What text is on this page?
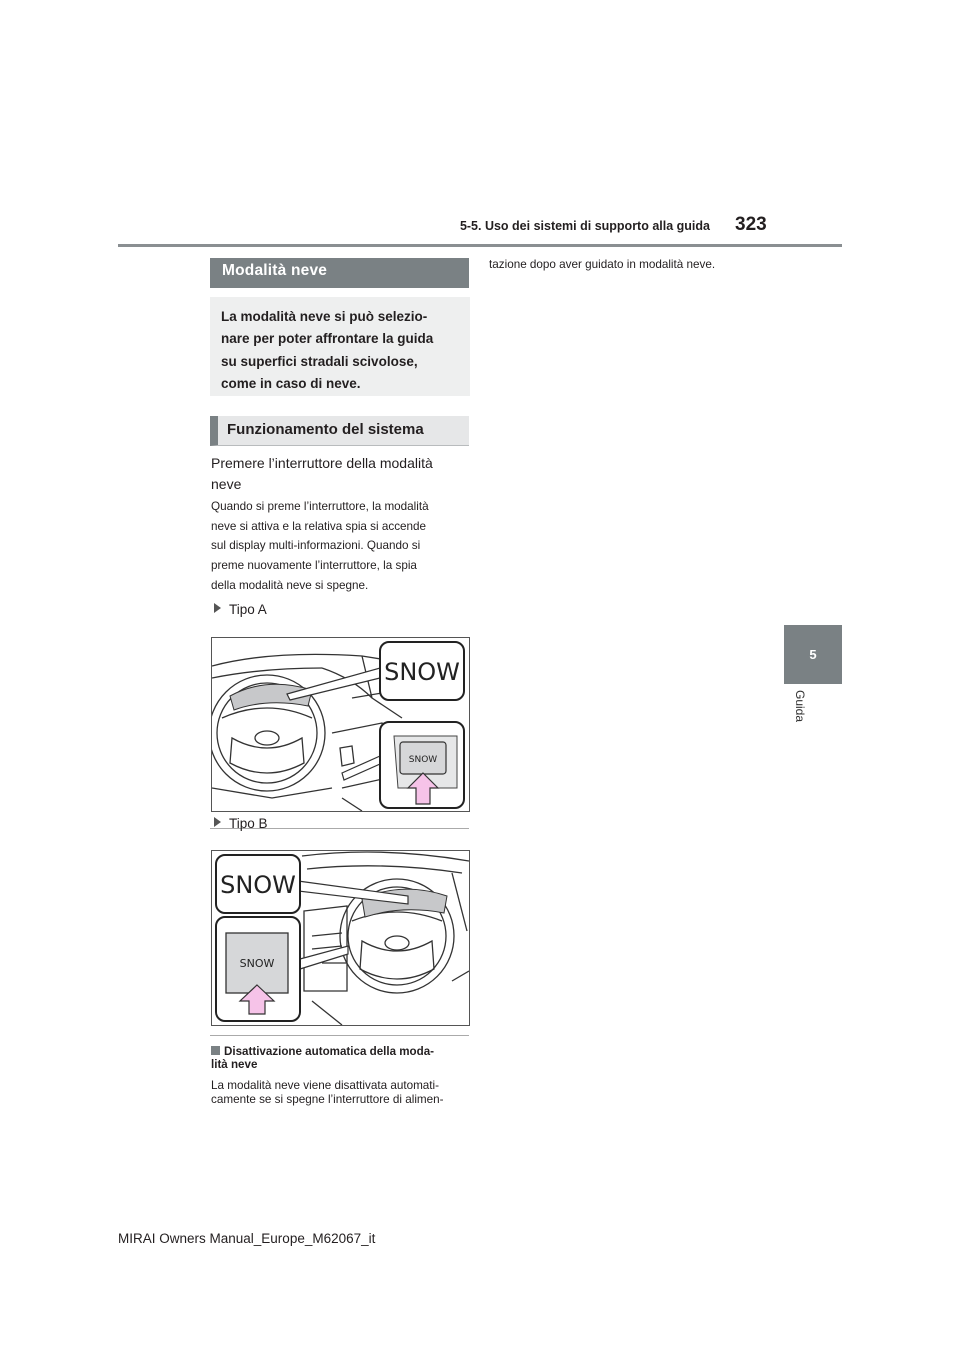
5-5. Uso dei sistemi di supporto alla guida 323
5
Guida
Modalità neve
La modalità neve si può selezio-
nare per poter affrontare la guida
su superfici stradali scivolose,
come in caso di neve.
Funzionamento del sistema
Premere l’interruttore della modalità
neve
Quando si preme l’interruttore, la modalità
neve si attiva e la relativa spia si accende
sul display multi-informazioni. Quando si
preme nuovamente l’interruttore, la spia
della modalità neve si spegne.
Tipo A
SNOW
SNOW
Tipo B
SNOW
SNOW
Disattivazione automatica della moda-
lità neve
La modalità neve viene disattivata automati-
camente se si spegne l’interruttore di alimen-
tazione dopo aver guidato in modalità neve.
MIRAI Owners Manual_Europe_M62067_it
